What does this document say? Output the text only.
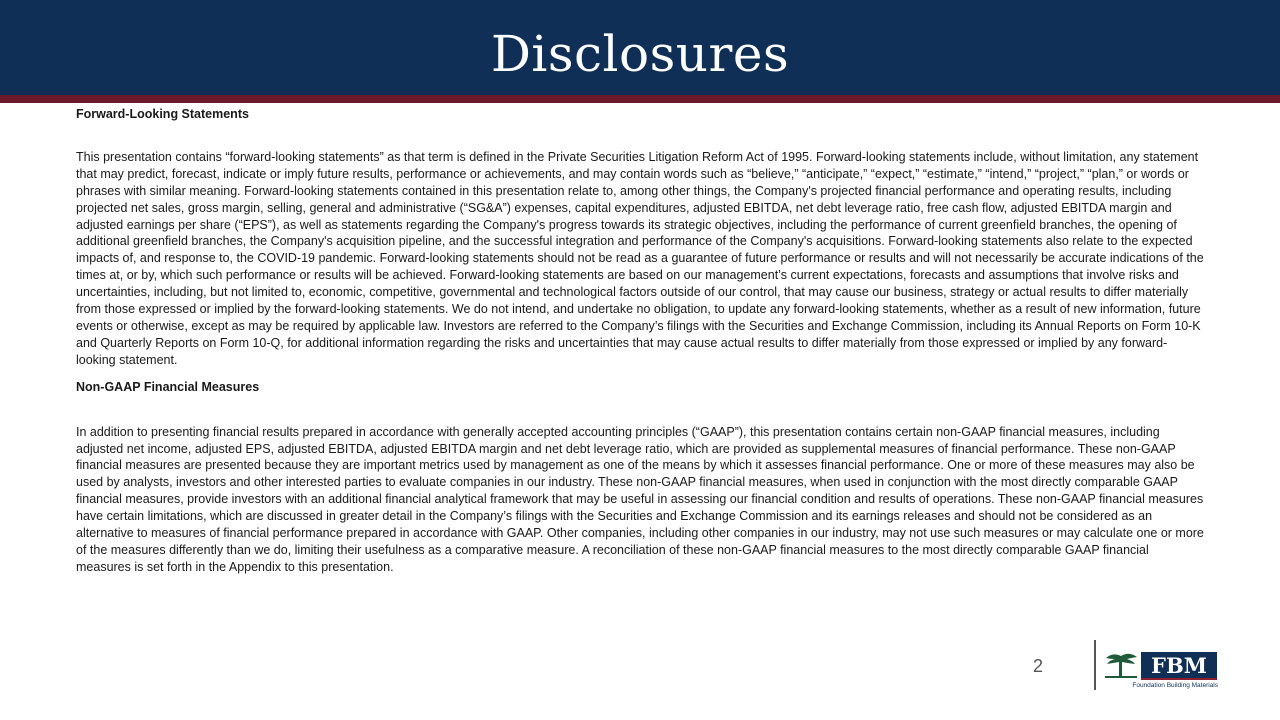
Disclosures

Forward-Looking Statements

This presentation contains “forward-looking statements” as that term is defined in the Private Securities Litigation Reform Act of 1995. Forward-looking statements include, without limitation, any statement that may predict, forecast, indicate or imply future results, performance or achievements, and may contain words such as “believe,” “anticipate,” “expect,” “estimate,” “intend,” “project,” “plan,” or words or phrases with similar meaning. Forward-looking statements contained in this presentation relate to, among other things, the Company's projected financial performance and operating results, including projected net sales, gross margin, selling, general and administrative (“SG&A”) expenses, capital expenditures, adjusted EBITDA, net debt leverage ratio, free cash flow, adjusted EBITDA margin and adjusted earnings per share (“EPS”), as well as statements regarding the Company's progress towards its strategic objectives, including the performance of current greenfield branches, the opening of additional greenfield branches, the Company's acquisition pipeline, and the successful integration and performance of the Company's acquisitions. Forward-looking statements also relate to the expected impacts of, and response to, the COVID-19 pandemic. Forward-looking statements should not be read as a guarantee of future performance or results and will not necessarily be accurate indications of the times at, or by, which such performance or results will be achieved. Forward-looking statements are based on our management’s current expectations, forecasts and assumptions that involve risks and uncertainties, including, but not limited to, economic, competitive, governmental and technological factors outside of our control, that may cause our business, strategy or actual results to differ materially from those expressed or implied by the forward-looking statements. We do not intend, and undertake no obligation, to update any forward-looking statements, whether as a result of new information, future events or otherwise, except as may be required by applicable law. Investors are referred to the Company’s filings with the Securities and Exchange Commission, including its Annual Reports on Form 10-K and Quarterly Reports on Form 10-Q, for additional information regarding the risks and uncertainties that may cause actual results to differ materially from those expressed or implied by any forward-looking statement.

Non-GAAP Financial Measures

In addition to presenting financial results prepared in accordance with generally accepted accounting principles (“GAAP”), this presentation contains certain non-GAAP financial measures, including adjusted net income, adjusted EPS, adjusted EBITDA, adjusted EBITDA margin and net debt leverage ratio, which are provided as supplemental measures of financial performance. These non-GAAP financial measures are presented because they are important metrics used by management as one of the means by which it assesses financial performance. One or more of these measures may also be used by analysts, investors and other interested parties to evaluate companies in our industry. These non-GAAP financial measures, when used in conjunction with the most directly comparable GAAP financial measures, provide investors with an additional financial analytical framework that may be useful in assessing our financial condition and results of operations. These non-GAAP financial measures have certain limitations, which are discussed in greater detail in the Company’s filings with the Securities and Exchange Commission and its earnings releases and should not be considered as an alternative to measures of financial performance prepared in accordance with GAAP. Other companies, including other companies in our industry, may not use such measures or may calculate one or more of the measures differently than we do, limiting their usefulness as a comparative measure. A reconciliation of these non-GAAP financial measures to the most directly comparable GAAP financial measures is set forth in the Appendix to this presentation.

2	FBM
Foundation Building Materials
